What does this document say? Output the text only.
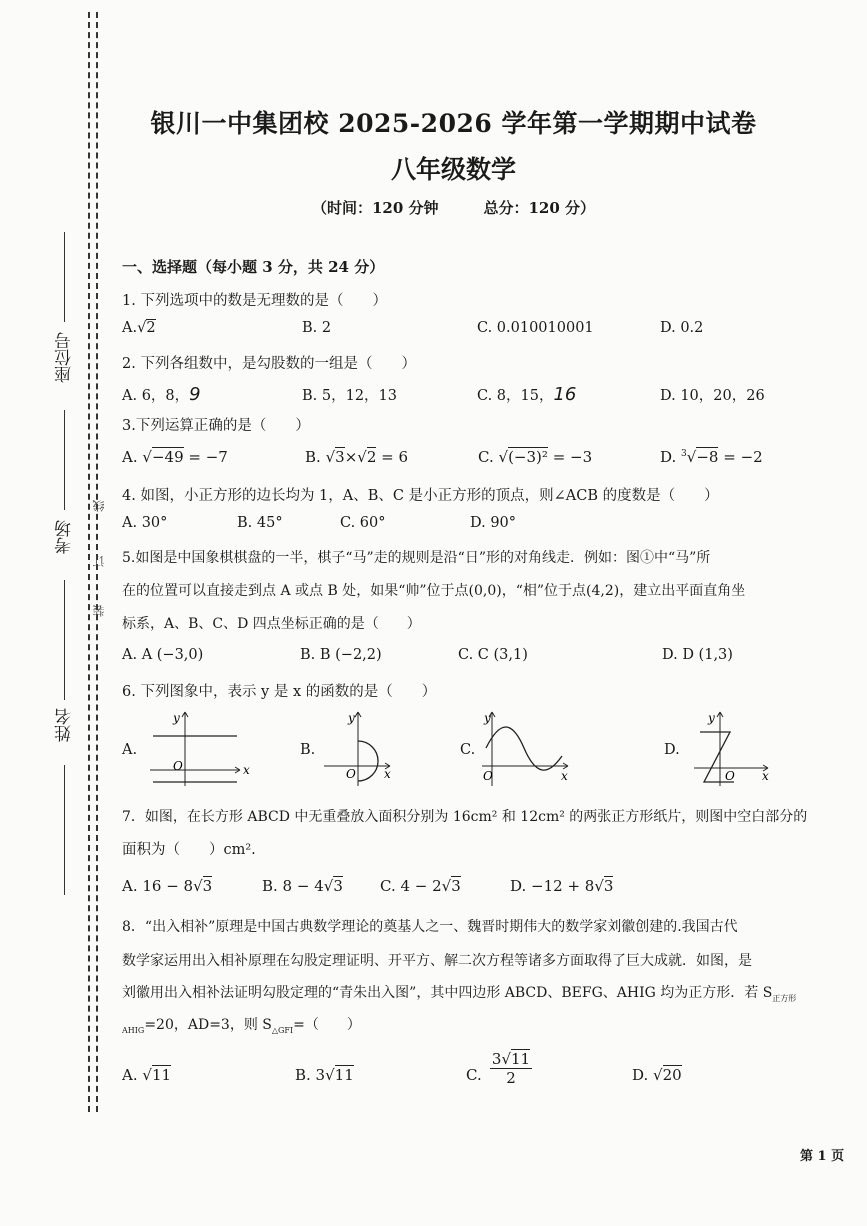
座位号
考场
姓名
线
订
装
银川一中集团校 2025-2026 学年第一学期期中试卷
八年级数学
（时间：120 分钟　　　总分：120 分）
一、选择题（每小题 3 分，共 24 分）
1. 下列选项中的数是无理数的是（　　）
A.√2	B. 2	C. 0.010010001	D. 0.2
2. 下列各组数中，是勾股数的一组是（　　）
A. 6，8，9	B. 5，12，13	C. 8，15，16	D. 10，20，26
3.下列运算正确的是（　　）
A. √−49 = −7	B. √3×√2 = 6	C. √(−3)² = −3	D. $^3$√−8 = −2
4. 如图，小正方形的边长均为 1，A、B、C 是小正方形的顶点，则∠ACB 的度数是（　　）
A. 30°	B. 45°	C. 60°	D. 90°
5.如图是中国象棋棋盘的一半，棋子“马”走的规则是沿“日”形的对角线走．例如：图①中“马”所
在的位置可以直接走到点 A 或点 B 处，如果“帅”位于点(0,0)，“相”位于点(4,2)，建立出平面直角坐
标系，A、B、C、D 四点坐标正确的是（　　）
A. A (−3,0)	B. B (−2,2)	C. C (3,1)	D. D (1,3)
6. 下列图象中，表示 y 是 x 的函数的是（　　）
A.	B.	C.	D.
y
x
O
y
x
O
y
x
O
y
x
O
7．如图，在长方形 ABCD 中无重叠放入面积分别为 16cm² 和 12cm² 的两张正方形纸片，则图中空白部分的
面积为（　　）cm².
A. 16 − 8√3	B. 8 − 4√3 C. 4 − 2√3	D. −12 + 8√3
8．“出入相补”原理是中国古典数学理论的奠基人之一、魏晋时期伟大的数学家刘徽创建的.我国古代
数学家运用出入相补原理在勾股定理证明、开平方、解二次方程等诸多方面取得了巨大成就．如图，是
刘徽用出入相补法证明勾股定理的“青朱出入图”，其中四边形 ABCD、BEFG、AHIG 均为正方形．若 $S_{正方形}$
$_{AHIG}$=20，AD=3，则 $S_{\triangle GFI}=$（　　）
A. √11	B. 3√11	C.
3√11
2	D. √20
第 1 页
